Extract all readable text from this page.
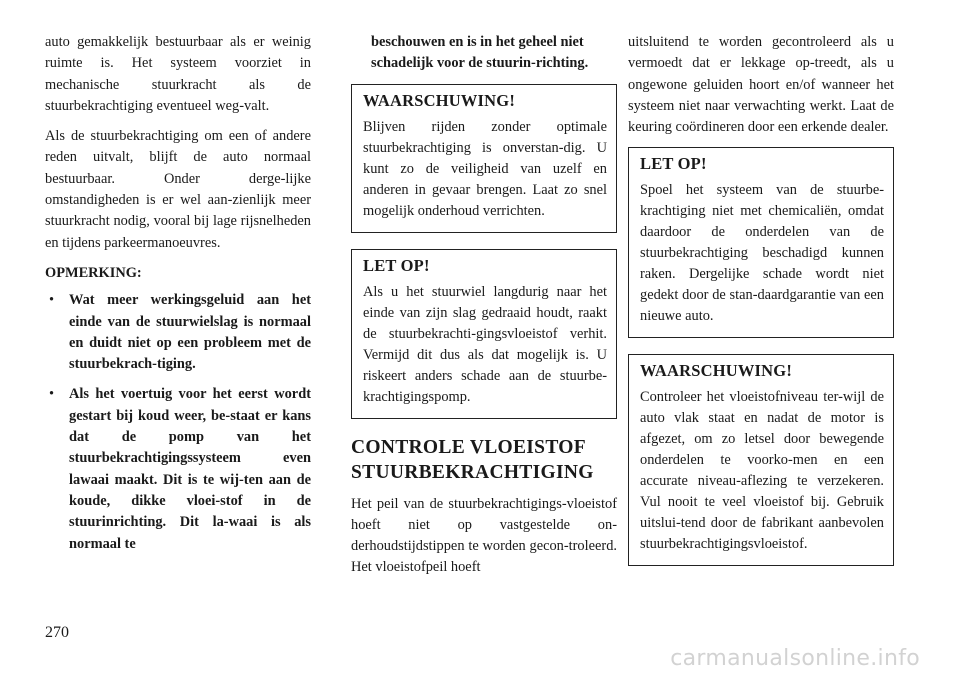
auto gemakkelijk bestuurbaar als er weinig ruimte is. Het systeem voorziet in mechanische stuurkracht als de stuurbekrachtiging eventueel weg-valt.

Als de stuurbekrachtiging om een of andere reden uitvalt, blijft de auto normaal bestuurbaar. Onder derge-lijke omstandigheden is er wel aan-zienlijk meer stuurkracht nodig, vooral bij lage rijsnelheden en tijdens parkeermanoeuvres.

OPMERKING:

• Wat meer werkingsgeluid aan het einde van de stuurwielslag is normaal en duidt niet op een probleem met de stuurbekrach-tiging.
• Als het voertuig voor het eerst wordt gestart bij koud weer, be-staat er kans dat de pomp van het stuurbekrachtigingssysteem even lawaai maakt. Dit is te wij-ten aan de koude, dikke vloei-stof in de stuurinrichting. Dit la-waai is als normaal te

beschouwen en is in het geheel niet schadelijk voor de stuurin-richting.

WAARSCHUWING!

Blijven rijden zonder optimale stuurbekrachtiging is onverstan-dig. U kunt zo de veiligheid van uzelf en anderen in gevaar brengen. Laat zo snel mogelijk onderhoud verrichten.

LET OP!

Als u het stuurwiel langdurig naar het einde van zijn slag gedraaid houdt, raakt de stuurbekrachti-gingsvloeistof verhit. Vermijd dit dus als dat mogelijk is. U riskeert anders schade aan de stuurbe-krachtigingspomp.

CONTROLE VLOEISTOF STUURBEKRACHTIGING

Het peil van de stuurbekrachtigings-vloeistof hoeft niet op vastgestelde on-derhoudstijdstippen te worden gecon-troleerd. Het vloeistofpeil hoeft

uitsluitend te worden gecontroleerd als u vermoedt dat er lekkage op-treedt, als u ongewone geluiden hoort en/of wanneer het systeem niet naar verwachting werkt. Laat de keuring coördineren door een erkende dealer.

LET OP!

Spoel het systeem van de stuurbe-krachtiging niet met chemicaliën, omdat daardoor de onderdelen van de stuurbekrachtiging beschadigd kunnen raken. Dergelijke schade wordt niet gedekt door de stan-daardgarantie van een nieuwe auto.

WAARSCHUWING!

Controleer het vloeistofniveau ter-wijl de auto vlak staat en nadat de motor is afgezet, om zo letsel door bewegende onderdelen te voorko-men en een accurate niveau-aflezing te verzekeren. Vul nooit te veel vloeistof bij. Gebruik uitslui-tend door de fabrikant aanbevolen stuurbekrachtigingsvloeistof.

270
carmanualsonline.info
